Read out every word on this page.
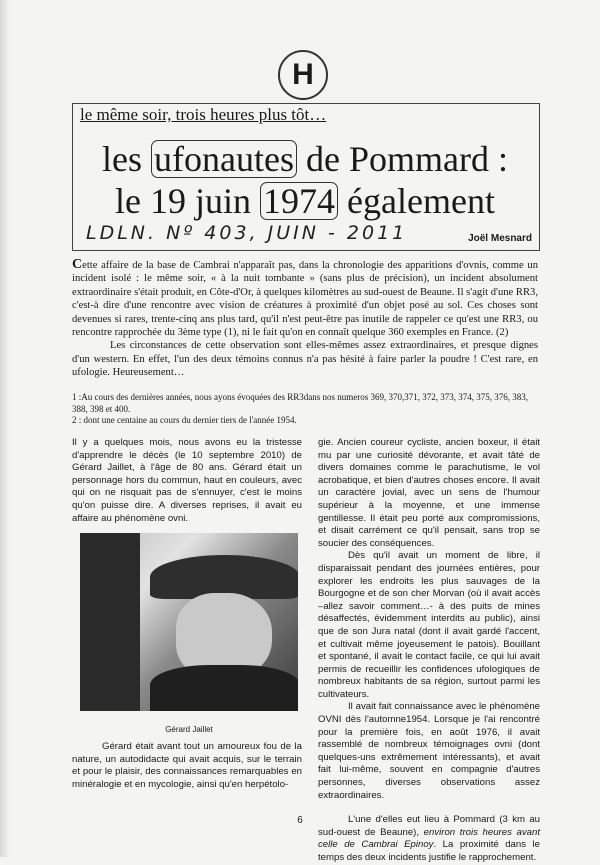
H
le même soir, trois heures plus tôt…
les ufonautes de Pommard :
le 19 juin 1974 également
LDLN. Nº 403, JUIN - 2011	Joël Mesnard

Cette affaire de la base de Cambrai n'apparaît pas, dans la chronologie des apparitions d'ovnis, comme un incident isolé : le même soir, « à la nuit tombante » (sans plus de précision), un incident absolument extraordinaire s'était produit, en Côte-d'Or, à quelques kilomètres au sud-ouest de Beaune. Il s'agit d'une RR3, c'est-à dire d'une rencontre avec vision de créatures à proximité d'un objet posé au sol. Ces choses sont devenues si rares, trente-cinq ans plus tard, qu'il n'est peut-être pas inutile de rappeler ce qu'est une RR3, ou rencontre rapprochée du 3ème type (1), ni le fait qu'on en connaît quelque 360 exemples en France. (2)

Les circonstances de cette observation sont elles-mêmes assez extraordinaires, et presque dignes d'un western. En effet, l'un des deux témoins connus n'a pas hésité à faire parler la poudre ! C'est rare, en ufologie. Heureusement…

1 :Au cours des dernières années, nous ayons évoquées des RR3dans nos numeros 369, 370,371, 372, 373, 374, 375, 376, 383, 388, 398 et 400.

2 : dont une centaine au cours du dernier tiers de l'année 1954.

Il y a quelques mois, nous avons eu la tristesse d'apprendre le décès (le 10 septembre 2010) de Gérard Jaillet, à l'âge de 80 ans. Gérard était un personnage hors du commun, haut en couleurs, avec qui on ne risquait pas de s'ennuyer, c'est le moins qu'on puisse dire. A diverses reprises, il avait eu affaire au phénomène ovni.

Gérard Jaillet

Gérard était avant tout un amoureux fou de la nature, un autodidacte qui avait acquis, sur le terrain et pour le plaisir, des connaissances remarquables en minéralogie et en mycologie, ainsi qu'en herpétolo-

gie. Ancien coureur cycliste, ancien boxeur, il était mu par une curiosité dévorante, et avait tâté de divers domaines comme le parachutisme, le vol acrobatique, et bien d'autres choses encore. Il avait un caractère jovial, avec un sens de l'humour supérieur à la moyenne, et une immense gentillesse. Il était peu porté aux compromissions, et disait carrément ce qu'il pensait, sans trop se soucier des conséquences.

Dès qu'il avait un moment de libre, il disparaissait pendant des journées entières, pour explorer les endroits les plus sauvages de la Bourgogne et de son cher Morvan (où il avait accès –allez savoir comment…- à des puits de mines désaffectés, évidemment interdits au public), ainsi que de son Jura natal (dont il avait gardé l'accent, et cultivait même joyeusement le patois). Bouillant et spontané, il avait le contact facile, ce qui lui avait permis de recueillir les confidences ufologiques de nombreux habitants de sa région, surtout parmi les cultivateurs.

Il avait fait connaissance avec le phénomène OVNI dès l'automne1954. Lorsque je l'ai rencontré pour la première fois, en août 1976, il avait rassemblé de nombreux témoignages ovni (dont quelques-uns extrêmement intéressants), et avait fait lui-même, souvent en compagnie d'autres personnes, diverses observations assez extraordinaires.

L'une d'elles eut lieu à Pommard (3 km au sud-ouest de Beaune), environ trois heures avant celle de Cambrai Epinoy. La proximité dans le temps des deux incidents justifie le rapprochement.

6
